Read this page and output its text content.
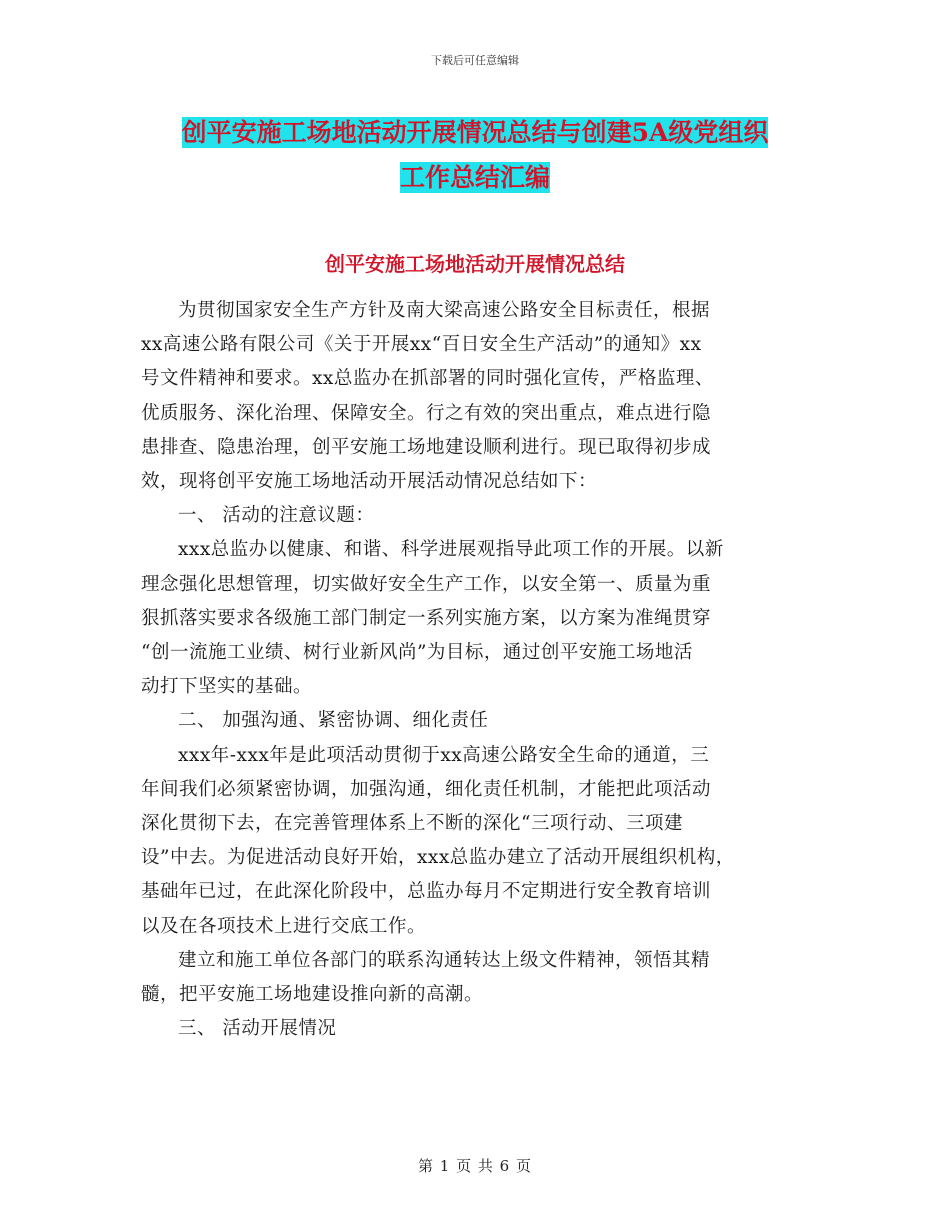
下载后可任意编辑
创平安施工场地活动开展情况总结与创建5A级党组织
工作总结汇编
创平安施工场地活动开展情况总结
为贯彻国家安全生产方针及南大梁高速公路安全目标责任，根据
xx高速公路有限公司《关于开展xx“百日安全生产活动”的通知》xx
号文件精神和要求。xx总监办在抓部署的同时强化宣传，严格监理、
优质服务、深化治理、保障安全。行之有效的突出重点，难点进行隐
患排查、隐患治理，创平安施工场地建设顺利进行。现已取得初步成
效，现将创平安施工场地活动开展活动情况总结如下：
一、 活动的注意议题：
xxx总监办以健康、和谐、科学进展观指导此项工作的开展。以新
理念强化思想管理，切实做好安全生产工作，以安全第一、质量为重
狠抓落实要求各级施工部门制定一系列实施方案，以方案为准绳贯穿
“创一流施工业绩、树行业新风尚”为目标，通过创平安施工场地活
动打下坚实的基础。
二、 加强沟通、紧密协调、细化责任
xxx年-xxx年是此项活动贯彻于xx高速公路安全生命的通道，三
年间我们必须紧密协调，加强沟通，细化责任机制，才能把此项活动
深化贯彻下去，在完善管理体系上不断的深化“三项行动、三项建
设”中去。为促进活动良好开始，xxx总监办建立了活动开展组织机构，
基础年已过，在此深化阶段中，总监办每月不定期进行安全教育培训
以及在各项技术上进行交底工作。
建立和施工单位各部门的联系沟通转达上级文件精神，领悟其精
髓，把平安施工场地建设推向新的高潮。
三、 活动开展情况
第 1 页 共 6 页
